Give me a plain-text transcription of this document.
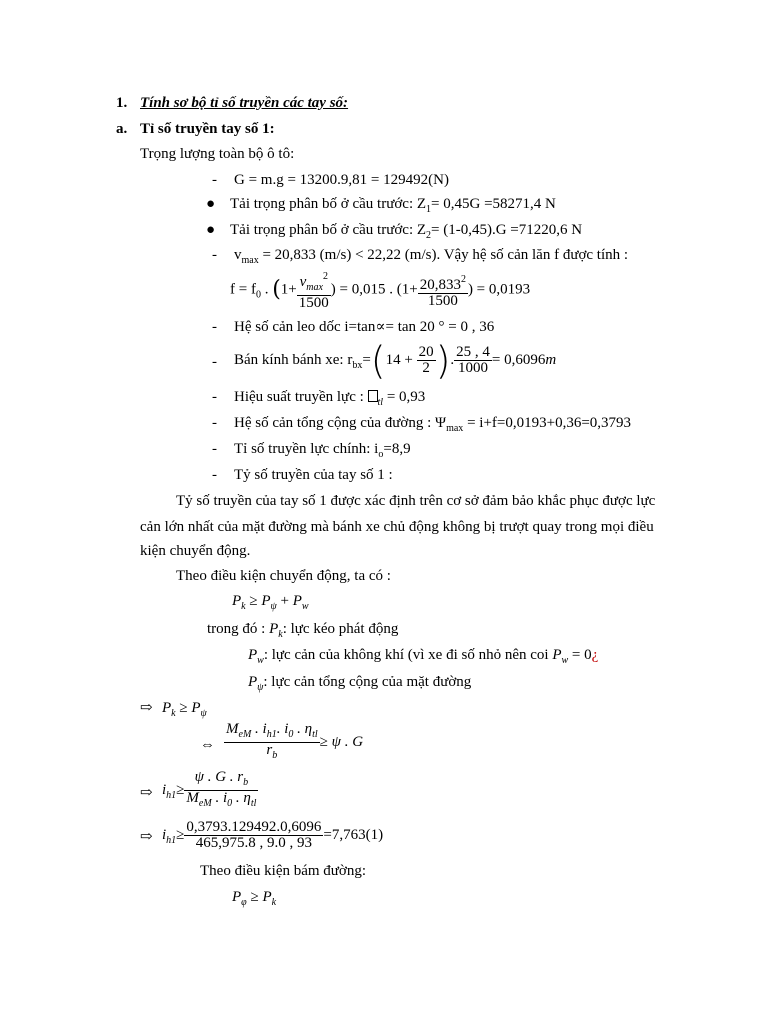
1. Tính sơ bộ tỉ số truyền các tay số:
a. Tỉ số truyền tay số 1:
Trọng lượng toàn bộ ô tô:
- G = m.g = 13200.9,81 = 129492(N)
● Tải trọng phân bố ở cầu trước: $Z_1= 0,45G =58271,4$ N
● Tải trọng phân bố ở cầu trước: $Z_2= (1-0,45).G =71220,6$ N
- $v_{max} = 20,833$ (m/s) < 22,22 (m/s). Vậy hệ số cản lăn f được tính :
$f = f_0$ . ($1+ \frac{v_{max}^2}{1500}$ ) = 0,015 . ($1+ \frac{20,833^2}{1500}$ ) = 0,0193
- Hệ số cản leo dốc i=tan∝= tan 20 ° = 0 , 36
- Bán kính bánh xe: $r_{bx}=(14 + \frac{20}{2}$ ). $\frac{25 , 4}{1000} = 0,6096m$
- Hiệu suất truyền lực : $_{tl}$ = 0,93
- Hệ số cản tổng cộng của đường : $\Psi_{max} = i+f=0,0193+0,36=0,3793$
- Tỉ số truyền lực chính: $i_o=8,9$
- Tỷ số truyền của tay số 1 :
Tỷ số truyền của tay số 1 được xác định trên cơ sở đảm bảo khắc phục được lực
cản lớn nhất của mặt đường mà bánh xe chủ động không bị trượt quay trong mọi điều
kiện chuyển động.
Theo điều kiện chuyển động, ta có :
$P_k \ge P_\psi + P_w$
trong đó : $P_k$: lực kéo phát động
$P_w$: lực cản của không khí (vì xe đi số nhỏ nên coi $P_w$ = 0¿
$P_\psi$: lực cản tổng cộng của mặt đường
⇨ $P_k \ge P_\psi$
⇔ $\frac{M_{eM} . i_{h1}. i_0 . \eta_{tl}}{r_b} \ge \psi$ . G
⇨ $i_{h1}\ge \frac{\psi . G . r_b}{M_{eM} . i_0 . \eta_{tl}}$
⇨ $i_{h1}\ge \frac{0,3793.129492.0,6096}{465,975.8 , 9.0 , 93} =7,763(1)$
Theo điều kiện bám đường:
$P_\varphi \ge P_k$
